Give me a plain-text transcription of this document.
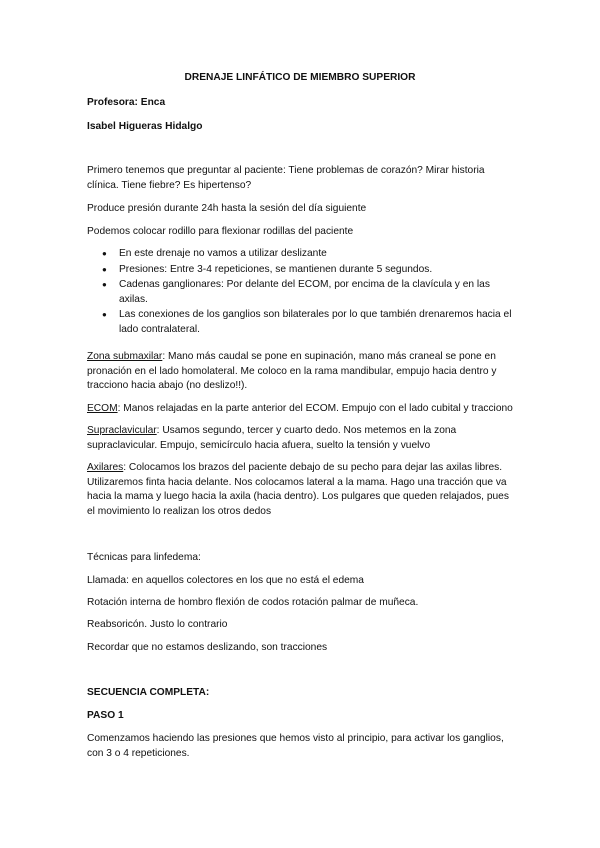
DRENAJE LINFÁTICO DE MIEMBRO SUPERIOR

Profesora: Enca

Isabel Higueras Hidalgo

Primero tenemos que preguntar al paciente: Tiene problemas de corazón? Mirar historia clínica. Tiene fiebre? Es hipertenso?

Produce presión durante 24h hasta la sesión del día siguiente

Podemos colocar rodillo para flexionar rodillas del paciente

● En este drenaje no vamos a utilizar deslizante
● Presiones: Entre 3-4 repeticiones, se mantienen durante 5 segundos.
● Cadenas ganglionares: Por delante del ECOM, por encima de la clavícula y en las axilas.
● Las conexiones de los ganglios son bilaterales por lo que también drenaremos hacia el lado contralateral.

Zona submaxilar: Mano más caudal se pone en supinación, mano más craneal se pone en pronación en el lado homolateral. Me coloco en la rama mandibular, empujo hacia dentro y tracciono hacia abajo (no deslizo!!).

ECOM: Manos relajadas en la parte anterior del ECOM. Empujo con el lado cubital y tracciono

Supraclavicular: Usamos segundo, tercer y cuarto dedo. Nos metemos en la zona supraclavicular. Empujo, semicírculo hacia afuera, suelto la tensión y vuelvo

Axilares: Colocamos los brazos del paciente debajo de su pecho para dejar las axilas libres. Utilizaremos finta hacia delante. Nos colocamos lateral a la mama. Hago una tracción que va hacia la mama y luego hacia la axila (hacia dentro). Los pulgares que queden relajados, pues el movimiento lo realizan los otros dedos

Técnicas para linfedema:

Llamada: en aquellos colectores en los que no está el edema

Rotación interna de hombro flexión de codos rotación palmar de muñeca.

Reabsoricón. Justo lo contrario

Recordar que no estamos deslizando, son tracciones

SECUENCIA COMPLETA:

PASO 1

Comenzamos haciendo las presiones que hemos visto al principio, para activar los ganglios, con 3 o 4 repeticiones.
